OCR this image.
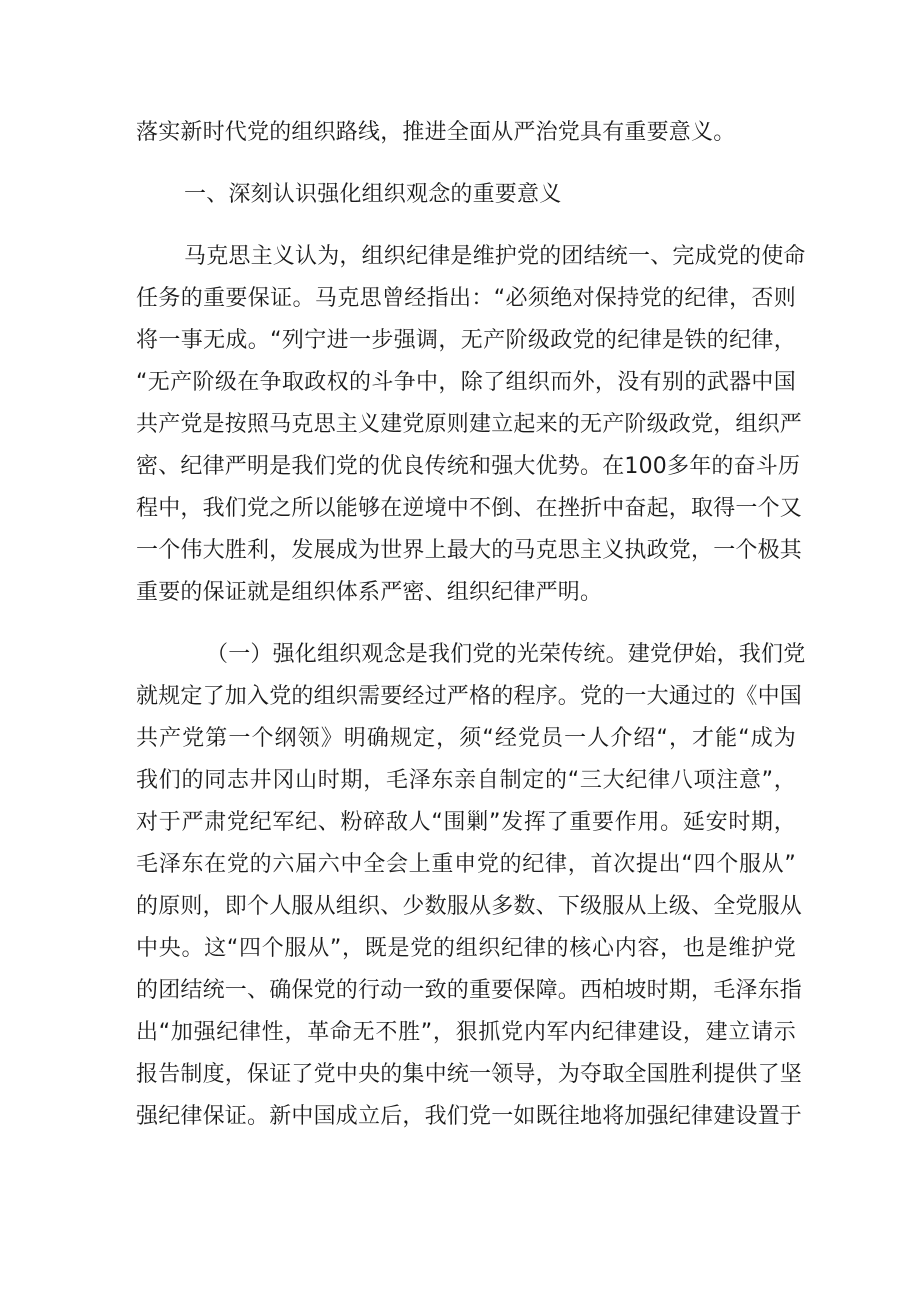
落实新时代党的组织路线，推进全面从严治党具有重要意义。
一、深刻认识强化组织观念的重要意义
马克思主义认为，组织纪律是维护党的团结统一、完成党的使命
任务的重要保证。马克思曾经指出：“必须绝对保持党的纪律，否则
将一事无成。“列宁进一步强调，无产阶级政党的纪律是铁的纪律，
“无产阶级在争取政权的斗争中，除了组织而外，没有别的武器中国
共产党是按照马克思主义建党原则建立起来的无产阶级政党，组织严
密、纪律严明是我们党的优良传统和强大优势。在100多年的奋斗历
程中，我们党之所以能够在逆境中不倒、在挫折中奋起，取得一个又
一个伟大胜利，发展成为世界上最大的马克思主义执政党，一个极其
重要的保证就是组织体系严密、组织纪律严明。
（一）强化组织观念是我们党的光荣传统。建党伊始，我们党
就规定了加入党的组织需要经过严格的程序。党的一大通过的《中国
共产党第一个纲领》明确规定，须“经党员一人介绍“，才能“成为
我们的同志井冈山时期，毛泽东亲自制定的“三大纪律八项注意”，
对于严肃党纪军纪、粉碎敌人“围剿”发挥了重要作用。延安时期，
毛泽东在党的六届六中全会上重申党的纪律，首次提出“四个服从”
的原则，即个人服从组织、少数服从多数、下级服从上级、全党服从
中央。这“四个服从”，既是党的组织纪律的核心内容，也是维护党
的团结统一、确保党的行动一致的重要保障。西柏坡时期，毛泽东指
出“加强纪律性，革命无不胜”，狠抓党内军内纪律建设，建立请示
报告制度，保证了党中央的集中统一领导，为夺取全国胜利提供了坚
强纪律保证。新中国成立后，我们党一如既往地将加强纪律建设置于
